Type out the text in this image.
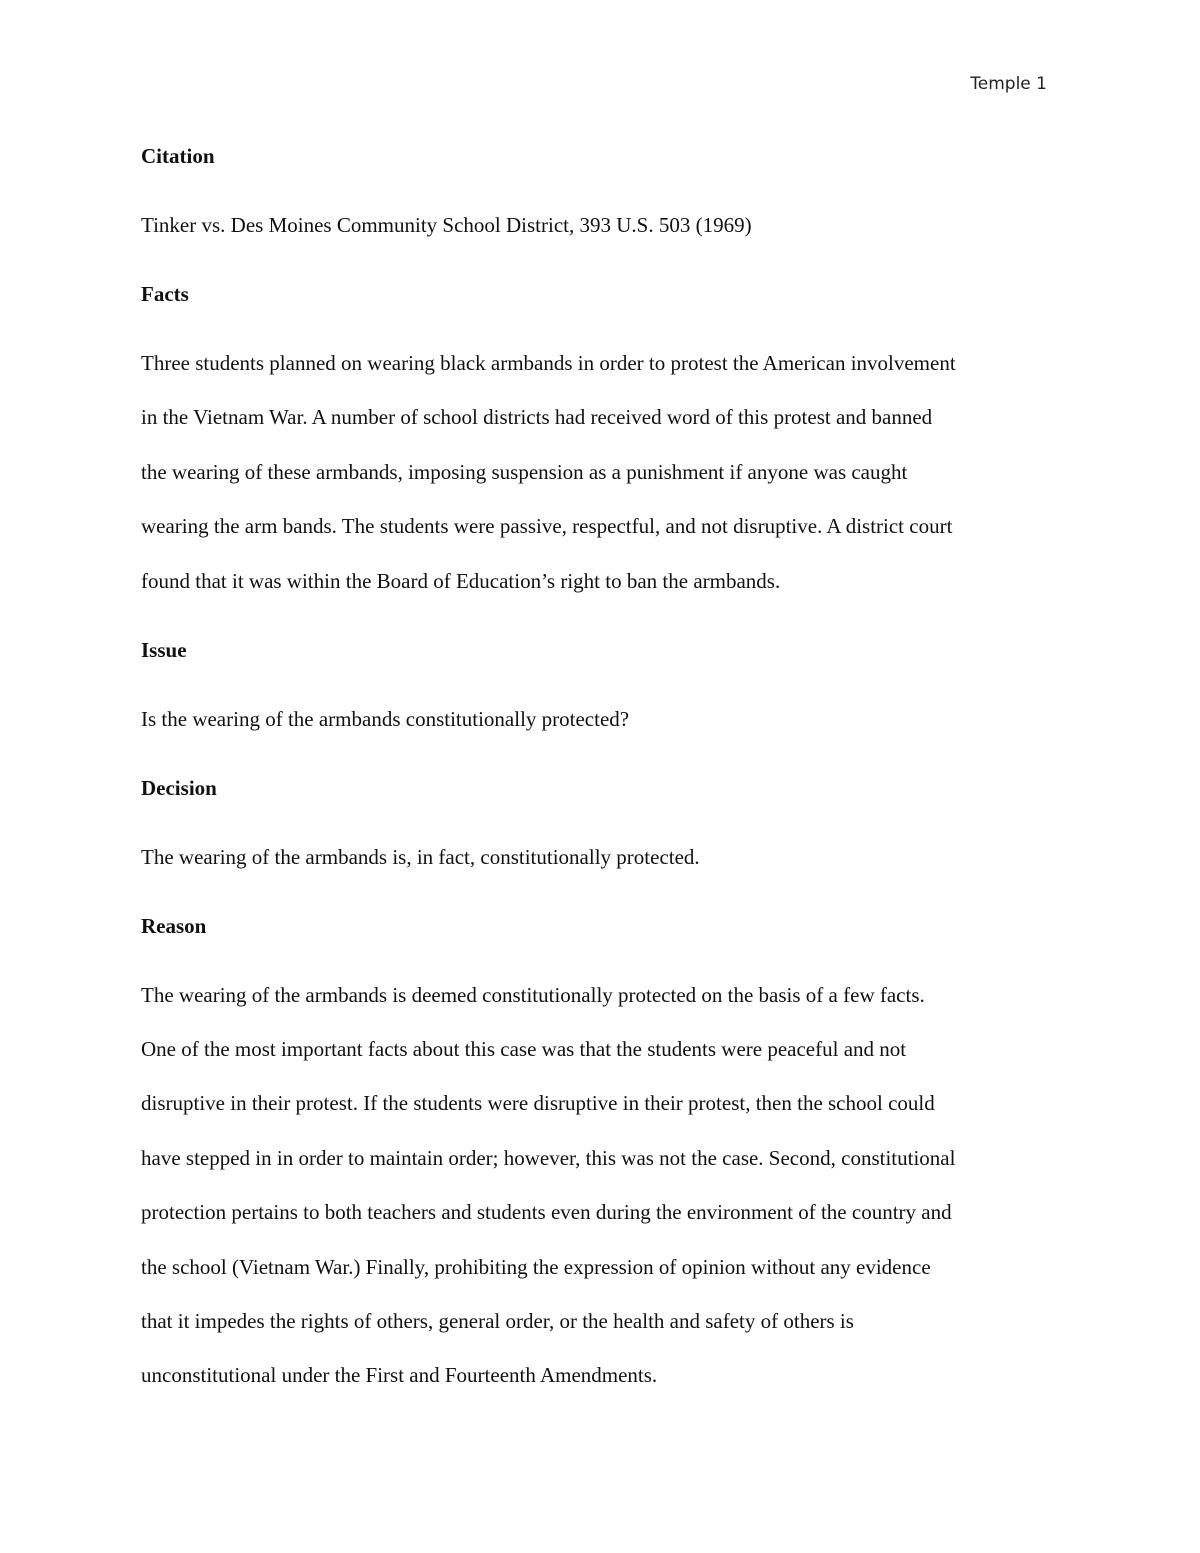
Temple 1
Citation
Tinker vs. Des Moines Community School District, 393 U.S. 503 (1969)
Facts
Three students planned on wearing black armbands in order to protest the American involvement
in the Vietnam War. A number of school districts had received word of this protest and banned
the wearing of these armbands, imposing suspension as a punishment if anyone was caught
wearing the arm bands. The students were passive, respectful, and not disruptive. A district court
found that it was within the Board of Education’s right to ban the armbands.
Issue
Is the wearing of the armbands constitutionally protected?
Decision
The wearing of the armbands is, in fact, constitutionally protected.
Reason
The wearing of the armbands is deemed constitutionally protected on the basis of a few facts.
One of the most important facts about this case was that the students were peaceful and not
disruptive in their protest. If the students were disruptive in their protest, then the school could
have stepped in in order to maintain order; however, this was not the case. Second, constitutional
protection pertains to both teachers and students even during the environment of the country and
the school (Vietnam War.) Finally, prohibiting the expression of opinion without any evidence
that it impedes the rights of others, general order, or the health and safety of others is
unconstitutional under the First and Fourteenth Amendments.
